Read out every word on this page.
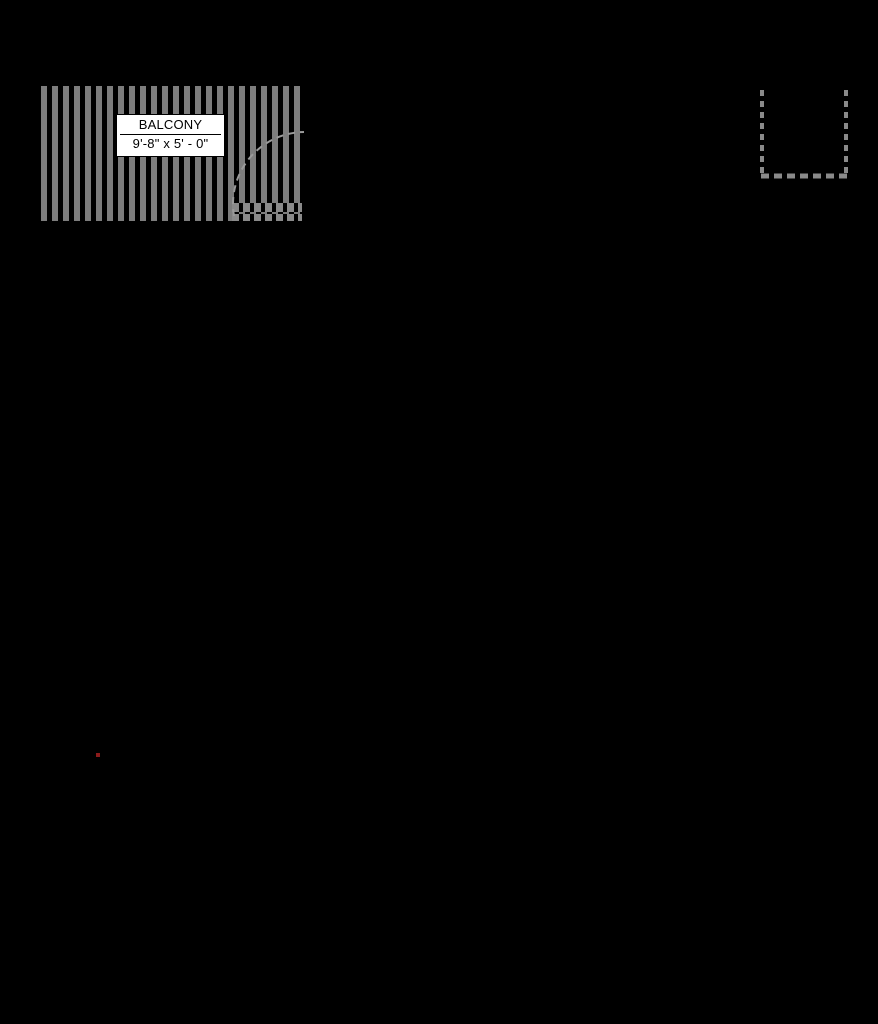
BALCONY
9'-8" x 5' - 0"
